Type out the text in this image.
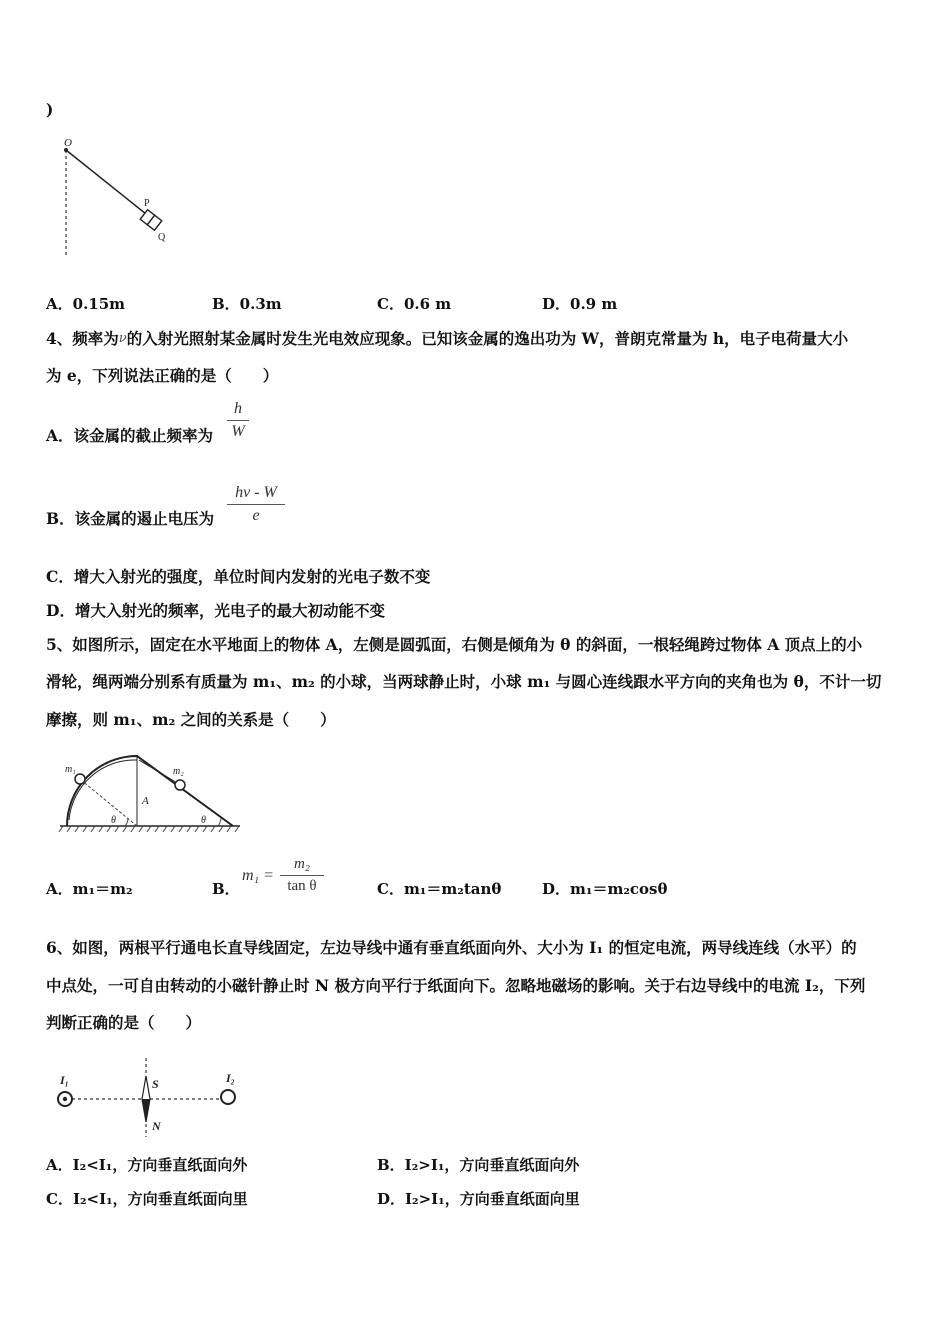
)
O
P
Q
A．0.15m	B．0.3m	C．0.6 m	D．0.9 m
4、频率为$^\nu$的入射光照射某金属时发生光电效应现象。已知该金属的逸出功为 W，普朗克常量为 h，电子电荷量大小
为 e，下列说法正确的是（　　）
A．该金属的截止频率为
h
W
B．该金属的遏止电压为
hν - W
e
C．增大入射光的强度，单位时间内发射的光电子数不变
D．增大入射光的频率，光电子的最大初动能不变
5、如图所示，固定在水平地面上的物体 A，左侧是圆弧面，右侧是倾角为 θ 的斜面，一根轻绳跨过物体 A 顶点上的小
滑轮，绳两端分别系有质量为 m₁、m₂ 的小球，当两球静止时，小球 m₁ 与圆心连线跟水平方向的夹角也为 θ，不计一切
摩擦，则 m₁、m₂ 之间的关系是（　　）
m₁	m₂
A
θ	θ
A．m₁＝m₂	B．
m₁ =
m₂
tan θ	C．m₁＝m₂tanθ	D．m₁＝m₂cosθ
6、如图，两根平行通电长直导线固定，左边导线中通有垂直纸面向外、大小为 I₁ 的恒定电流，两导线连线（水平）的
中点处，一可自由转动的小磁针静止时 N 极方向平行于纸面向下。忽略地磁场的影响。关于右边导线中的电流 I₂，下列
判断正确的是（　　）
I₁	I₂
S
N
A．I₂<I₁，方向垂直纸面向外	B．I₂>I₁，方向垂直纸面向外
C．I₂<I₁，方向垂直纸面向里	D．I₂>I₁，方向垂直纸面向里
